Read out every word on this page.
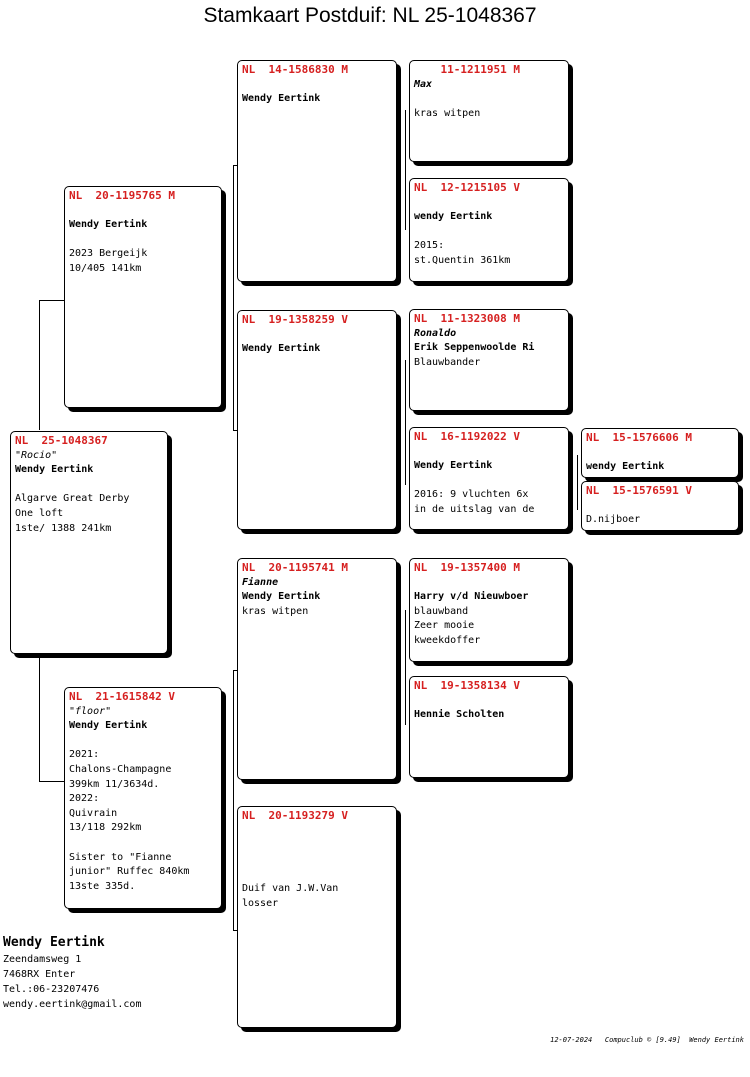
Stamkaart Postduif: NL 25-1048367
NL  25-1048367
"Rocio"
Wendy Eertink
Algarve Great Derby
One loft
1ste/ 1388 241km
NL  20-1195765 M
Wendy Eertink
2023 Bergeijk
10/405 141km
NL  21-1615842 V
"floor"
Wendy Eertink
2021:
Chalons-Champagne
399km 11/3634d.
2022:
Quivrain
13/118 292km
Sister to "Fianne
junior" Ruffec 840km
13ste 335d.
NL  14-1586830 M
Wendy Eertink
NL  19-1358259 V
Wendy Eertink
NL  20-1195741 M
Fianne
Wendy Eertink
kras witpen
NL  20-1193279 V
Duif van J.W.Van
losser
11-1211951 M
Max
kras witpen
NL  12-1215105 V
wendy Eertink
2015:
st.Quentin 361km
NL  11-1323008 M
Ronaldo
Erik Seppenwoolde Ri
Blauwbander
NL  16-1192022 V
Wendy Eertink
2016: 9 vluchten 6x
in de uitslag van de
NL  19-1357400 M
Harry v/d Nieuwboer
blauwband
Zeer mooie
kweekdoffer
NL  19-1358134 V
Hennie Scholten
NL  15-1576606 M
wendy Eertink
NL  15-1576591 V
D.nijboer
Wendy Eertink
Zeendamsweg 1
7468RX Enter
Tel.:06-23207476
wendy.eertink@gmail.com
12-07-2024   Compuclub © [9.49]  Wendy Eertink
